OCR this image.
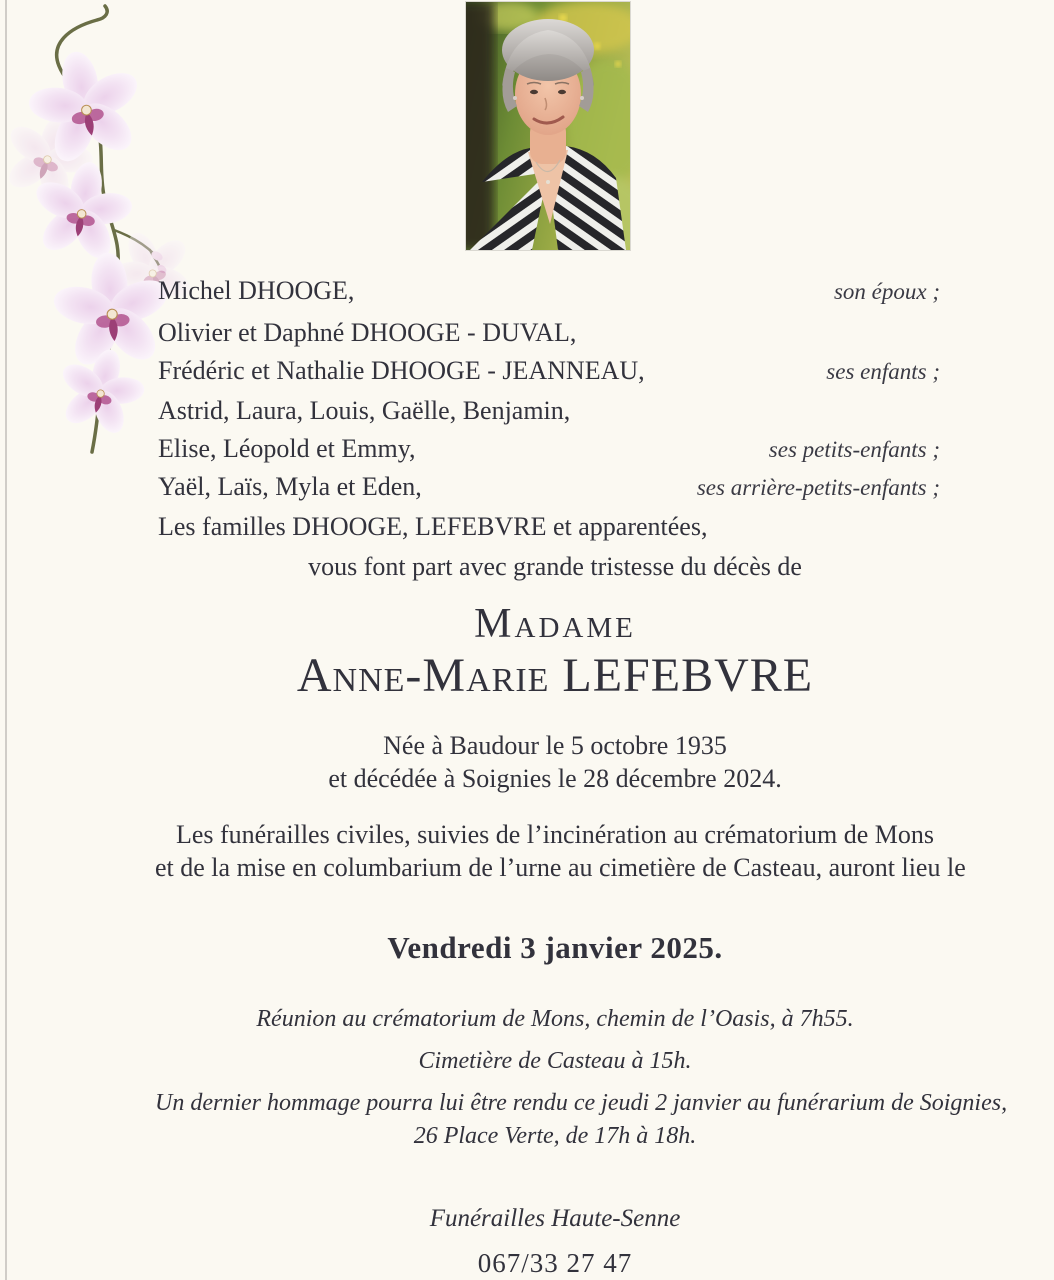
Michel DHOOGE,	son époux ;
Olivier et Daphné DHOOGE - DUVAL,
Frédéric et Nathalie DHOOGE - JEANNEAU,	ses enfants ;
Astrid, Laura, Louis, Gaëlle, Benjamin,
Elise, Léopold et Emmy,	ses petits-enfants ;
Yaël, Laïs, Myla et Eden,	ses arrière-petits-enfants ;
Les familles DHOOGE, LEFEBVRE et apparentées,
vous font part avec grande tristesse du décès de
Madame
Anne-Marie LEFEBVRE
Née à Baudour le 5 octobre 1935
et décédée à Soignies le 28 décembre 2024.
Les funérailles civiles, suivies de l’incinération au crématorium de Mons
et de la mise en columbarium de l’urne au cimetière de Casteau, auront lieu le
Vendredi 3 janvier 2025.
Réunion au crématorium de Mons, chemin de l’Oasis, à 7h55.
Cimetière de Casteau à 15h.
Un dernier hommage pourra lui être rendu ce jeudi 2 janvier au funérarium de Soignies,
26 Place Verte, de 17h à 18h.
Funérailles Haute-Senne
067/33 27 47
